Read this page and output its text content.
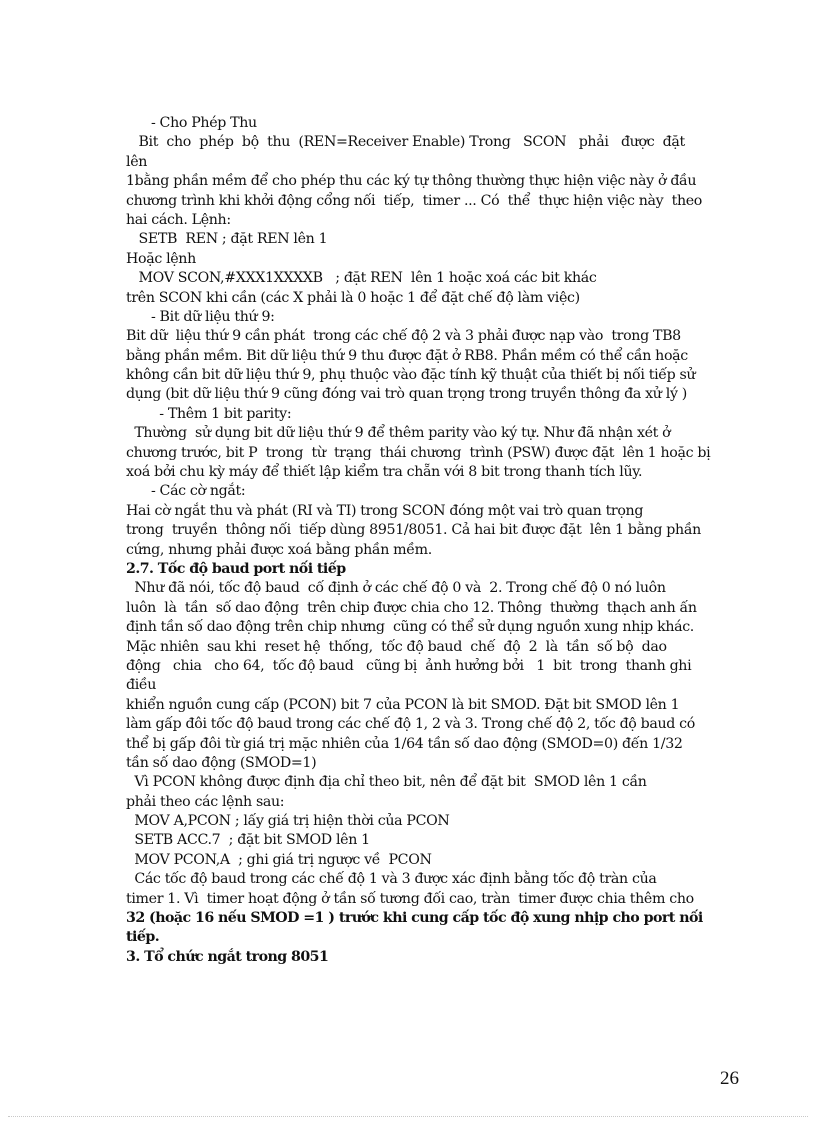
- Cho Phép Thu

Bit  cho  phép  bộ  thu  (REN=Receiver Enable) Trong   SCON   phải   được  đặt

lên

1bằng phần mềm để cho phép thu các ký tự thông thường thực hiện việc này ở đầu

chương trình khi khởi động cổng nối  tiếp,  timer ... Có  thể  thực hiện việc này  theo

hai cách. Lệnh:

SETB  REN ; đặt REN lên 1

Hoặc lệnh

MOV SCON,#XXX1XXXXB   ; đặt REN  lên 1 hoặc xoá các bit khác

trên SCON khi cần (các X phải là 0 hoặc 1 để đặt chế độ làm việc)

- Bit dữ liệu thứ 9:

Bit dữ  liệu thứ 9 cần phát  trong các chế độ 2 và 3 phải được nạp vào  trong TB8

bằng phần mềm. Bit dữ liệu thứ 9 thu được đặt ở RB8. Phần mềm có thể cần hoặc

không cần bit dữ liệu thứ 9, phụ thuộc vào đặc tính kỹ thuật của thiết bị nối tiếp sử

dụng (bit dữ liệu thứ 9 cũng đóng vai trò quan trọng trong truyền thông đa xử lý )

- Thêm 1 bit parity:

Thường  sử dụng bit dữ liệu thứ 9 để thêm parity vào ký tự. Như đã nhận xét ở

chương trước, bit P  trong  từ  trạng  thái chương  trình (PSW) được đặt  lên 1 hoặc bị

xoá bởi chu kỳ máy để thiết lập kiểm tra chẵn với 8 bit trong thanh tích lũy.

- Các cờ ngắt:

Hai cờ ngắt thu và phát (RI và TI) trong SCON đóng một vai trò quan trọng

trong  truyền  thông nối  tiếp dùng 8951/8051. Cả hai bit được đặt  lên 1 bằng phần

cứng, nhưng phải được xoá bằng phần mềm.

2.7. Tốc độ baud port nối tiếp

Như đã nói, tốc độ baud  cố định ở các chế độ 0 và  2. Trong chế độ 0 nó luôn

luôn  là  tần  số dao động  trên chip được chia cho 12. Thông  thường  thạch anh ấn

định tần số dao động trên chip nhưng  cũng có thể sử dụng nguồn xung nhịp khác.

Mặc nhiên  sau khi  reset hệ  thống,  tốc độ baud  chế  độ  2  là  tần  số bộ  dao

động   chia   cho 64,  tốc độ baud   cũng bị  ảnh hưởng bởi   1  bit  trong  thanh ghi

điều

khiển nguồn cung cấp (PCON) bit 7 của PCON là bit SMOD. Đặt bit SMOD lên 1

làm gấp đôi tốc độ baud trong các chế độ 1, 2 và 3. Trong chế độ 2, tốc độ baud có

thể bị gấp đôi từ giá trị mặc nhiên của 1/64 tần số dao động (SMOD=0) đến 1/32

tần số dao động (SMOD=1)

Vì PCON không được định địa chỉ theo bit, nên để đặt bit  SMOD lên 1 cần

phải theo các lệnh sau:

MOV A,PCON ; lấy giá trị hiện thời của PCON

SETB ACC.7  ; đặt bit SMOD lên 1

MOV PCON,A  ; ghi giá trị ngược về  PCON

Các tốc độ baud trong các chế độ 1 và 3 được xác định bằng tốc độ tràn của

timer 1. Vì  timer hoạt động ở tần số tương đối cao, tràn  timer được chia thêm cho

32 (hoặc 16 nếu SMOD =1 ) trước khi cung cấp tốc độ xung nhịp cho port nối

tiếp.

3. Tổ chức ngắt trong 8051

26
